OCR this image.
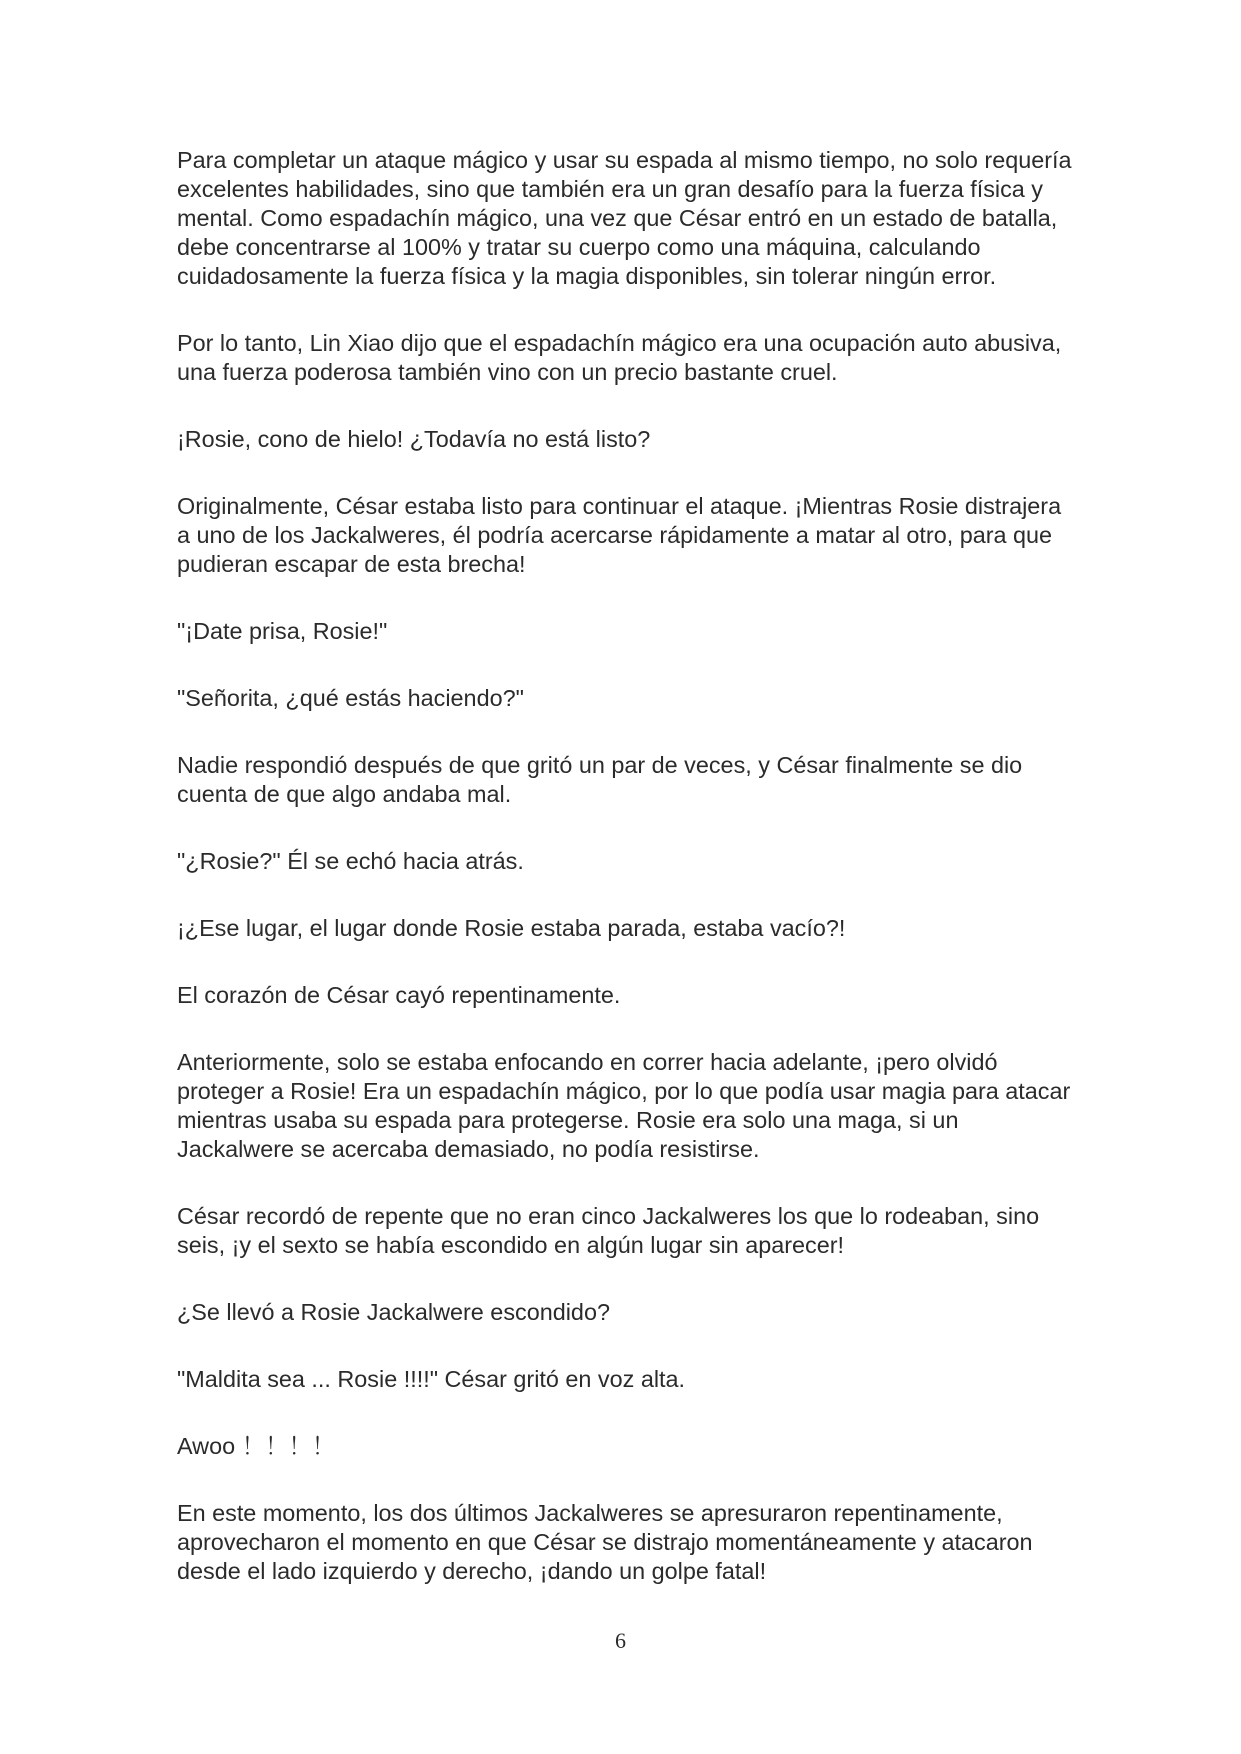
Para completar un ataque mágico y usar su espada al mismo tiempo, no solo requería excelentes habilidades, sino que también era un gran desafío para la fuerza física y mental. Como espadachín mágico, una vez que César entró en un estado de batalla, debe concentrarse al 100% y tratar su cuerpo como una máquina, calculando cuidadosamente la fuerza física y la magia disponibles, sin tolerar ningún error.

Por lo tanto, Lin Xiao dijo que el espadachín mágico era una ocupación auto abusiva, una fuerza poderosa también vino con un precio bastante cruel.

¡Rosie, cono de hielo! ¿Todavía no está listo?

Originalmente, César estaba listo para continuar el ataque. ¡Mientras Rosie distrajera a uno de los Jackalweres, él podría acercarse rápidamente a matar al otro, para que pudieran escapar de esta brecha!

"¡Date prisa, Rosie!"

"Señorita, ¿qué estás haciendo?"

Nadie respondió después de que gritó un par de veces, y César finalmente se dio cuenta de que algo andaba mal.

"¿Rosie?" Él se echó hacia atrás.

¡¿Ese lugar, el lugar donde Rosie estaba parada, estaba vacío?!

El corazón de César cayó repentinamente.

Anteriormente, solo se estaba enfocando en correr hacia adelante, ¡pero olvidó proteger a Rosie! Era un espadachín mágico, por lo que podía usar magia para atacar mientras usaba su espada para protegerse. Rosie era solo una maga, si un Jackalwere se acercaba demasiado, no podía resistirse.

César recordó de repente que no eran cinco Jackalweres los que lo rodeaban, sino seis, ¡y el sexto se había escondido en algún lugar sin aparecer!

¿Se llevó a Rosie Jackalwere escondido?

"Maldita sea ... Rosie !!!!" César gritó en voz alta.

Awoo ！！！！

En este momento, los dos últimos Jackalweres se apresuraron repentinamente, aprovecharon el momento en que César se distrajo momentáneamente y atacaron desde el lado izquierdo y derecho, ¡dando un golpe fatal!

6
